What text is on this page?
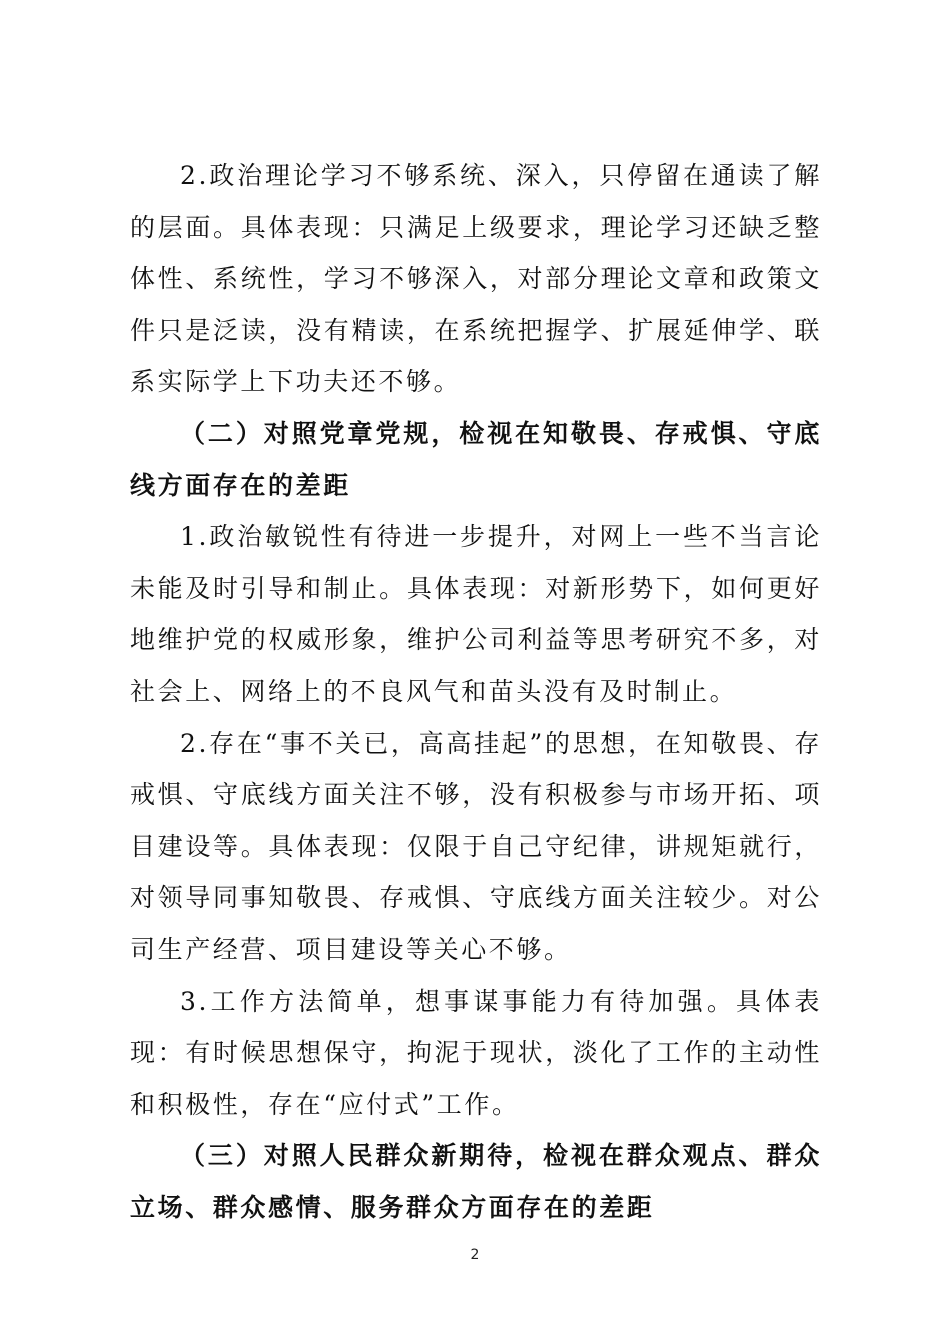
2.政治理论学习不够系统、深入，只停留在通读了解的层面。具体表现：只满足上级要求，理论学习还缺乏整体性、系统性，学习不够深入，对部分理论文章和政策文件只是泛读，没有精读，在系统把握学、扩展延伸学、联系实际学上下功夫还不够。

（二）对照党章党规，检视在知敬畏、存戒惧、守底线方面存在的差距

1.政治敏锐性有待进一步提升，对网上一些不当言论未能及时引导和制止。具体表现：对新形势下，如何更好地维护党的权威形象，维护公司利益等思考研究不多，对社会上、网络上的不良风气和苗头没有及时制止。

2.存在“事不关已，高高挂起”的思想，在知敬畏、存戒惧、守底线方面关注不够，没有积极参与市场开拓、项目建设等。具体表现：仅限于自己守纪律，讲规矩就行，对领导同事知敬畏、存戒惧、守底线方面关注较少。对公司生产经营、项目建设等关心不够。

3.工作方法简单，想事谋事能力有待加强。具体表现：有时候思想保守，拘泥于现状，淡化了工作的主动性和积极性，存在“应付式”工作。

（三）对照人民群众新期待，检视在群众观点、群众立场、群众感情、服务群众方面存在的差距

2
